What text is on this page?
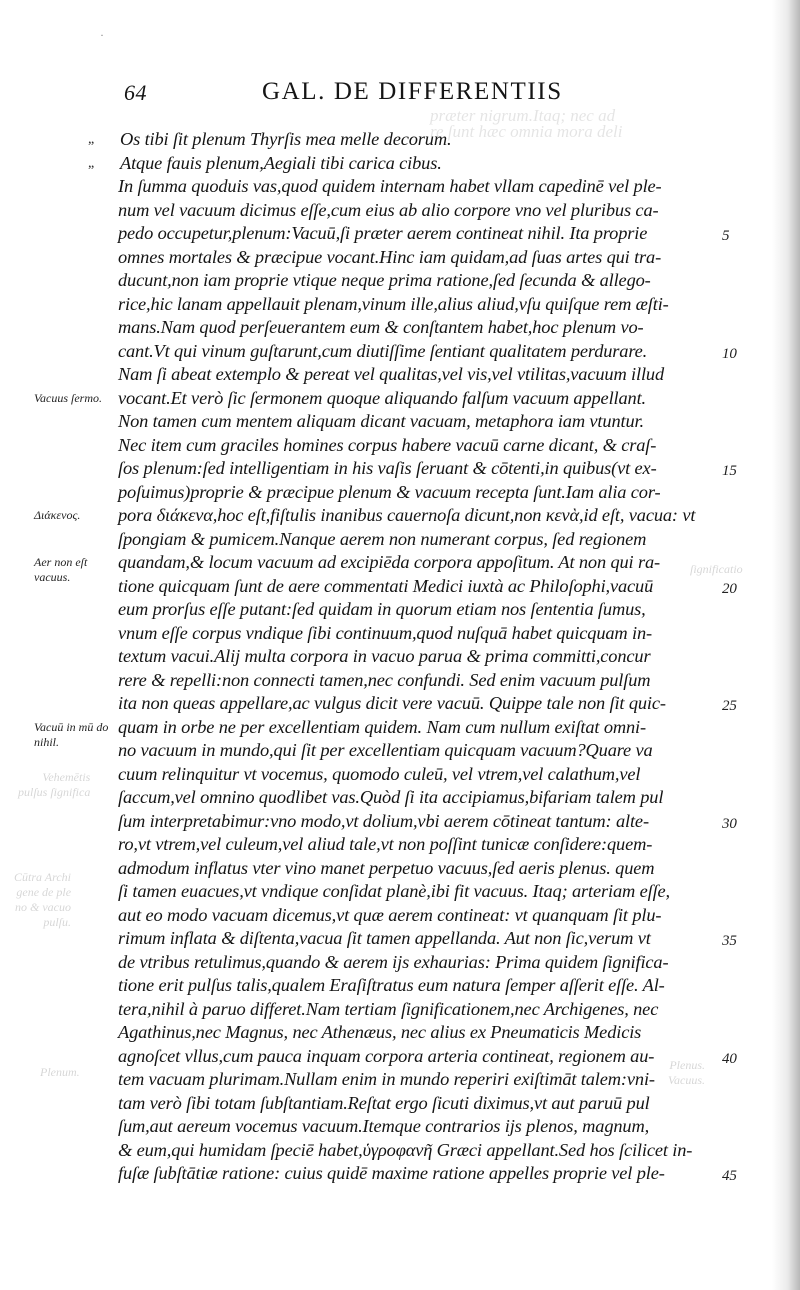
·
præter nigrum.Itaq; nec ad
re ſunt hæc omnia mora deli
Vehemētis
pulſus ſignifica
Cūtra Archi
gene de ple
no & vacuo
pulſu.
Plenum.	Plenus.
Vacuus.
ſignificatio
64	GAL. DE DIFFERENTIIS
Vacuus ſermo.
Διάκενος.
Aer non eſt vacuus.
Vacuū in mū do nihil.
„ Os tibi ſit plenum Thyrſis mea melle decorum.
„ Atque fauis plenum,Aegiali tibi carica cibus.
In ſumma quoduis vas,quod quidem internam habet vllam capedinē vel ple-
num vel vacuum dicimus eſſe,cum eius ab alio corpore vno vel pluribus ca-
pedo occupetur,plenum:Vacuū,ſi præter aerem contineat nihil. Ita proprie	5
omnes mortales & præcipue vocant.Hinc iam quidam,ad ſuas artes qui tra-
ducunt,non iam proprie vtique neque prima ratione,ſed ſecunda & allego-
rice,hic lanam appellauit plenam,vinum ille,alius aliud,vſu quiſque rem æſti-
mans.Nam quod perſeuerantem eum & conſtantem habet,hoc plenum vo-
cant.Vt qui vinum guſtarunt,cum diutiſſime ſentiant qualitatem perdurare.	10
Nam ſi abeat extemplo & pereat vel qualitas,vel vis,vel vtilitas,vacuum illud
vocant.Et verò ſic ſermonem quoque aliquando falſum vacuum appellant.
Non tamen cum mentem aliquam dicant vacuam, metaphora iam vtuntur.
Nec item cum graciles homines corpus habere vacuū carne dicant, & craſ-
ſos plenum:ſed intelligentiam in his vaſis ſeruant & cōtenti,in quibus(vt ex-	15
poſuimus)proprie & præcipue plenum & vacuum recepta ſunt.Iam alia cor-
pora διάκενα,hoc eſt,fiſtulis inanibus cauernoſa dicunt,non κενὰ,id eſt, vacua: vt
ſpongiam & pumicem.Nanque aerem non numerant corpus, ſed regionem
quandam,& locum vacuum ad excipiēda corpora appoſitum. At non qui ra-
tione quicquam ſunt de aere commentati Medici iuxtà ac Philoſophi,vacuū	20
eum prorſus eſſe putant:ſed quidam in quorum etiam nos ſententia ſumus,
vnum eſſe corpus vndique ſibi continuum,quod nuſquā habet quicquam in-
textum vacui.Alij multa corpora in vacuo parua & prima committi,concur
rere & repelli:non connecti tamen,nec confundi. Sed enim vacuum pulſum
ita non queas appellare,ac vulgus dicit vere vacuū. Quippe tale non ſit quic-	25
quam in orbe ne per excellentiam quidem. Nam cum nullum exiſtat omni-
no vacuum in mundo,qui ſit per excellentiam quicquam vacuum?Quare va
cuum relinquitur vt vocemus, quomodo culeū, vel vtrem,vel calathum,vel
ſaccum,vel omnino quodlibet vas.Quòd ſi ita accipiamus,bifariam talem pul
ſum interpretabimur:vno modo,vt dolium,vbi aerem cōtineat tantum: alte-	30
ro,vt vtrem,vel culeum,vel aliud tale,vt non poſſint tunicæ conſidere:quem-
admodum inflatus vter vino manet perpetuo vacuus,ſed aeris plenus. quem
ſi tamen euacues,vt vndique conſidat planè,ibi fit vacuus. Itaq; arteriam eſſe,
aut eo modo vacuam dicemus,vt quæ aerem contineat: vt quanquam ſit plu-
rimum inflata & diſtenta,vacua ſit tamen appellanda. Aut non ſic,verum vt	35
de vtribus retulimus,quando & aerem ijs exhaurias: Prima quidem ſignifica-
tione erit pulſus talis,qualem Eraſiſtratus eum natura ſemper aſſerit eſſe. Al-
tera,nihil à paruo differet.Nam tertiam ſignificationem,nec Archigenes, nec
Agathinus,nec Magnus, nec Athenæus, nec alius ex Pneumaticis Medicis
agnoſcet vllus,cum pauca inquam corpora arteria contineat, regionem au-	40
tem vacuam plurimam.Nullam enim in mundo reperiri exiſtimāt talem:vni-
tam verò ſibi totam ſubſtantiam.Reſtat ergo ſicuti diximus,vt aut paruū pul
ſum,aut aereum vocemus vacuum.Itemque contrarios ijs plenos, magnum,
& eum,qui humidam ſpeciē habet,ὑγροφανῆ Græci appellant.Sed hos ſcilicet in-
fuſæ ſubſtātiæ ratione: cuius quidē maxime ratione appelles proprie vel ple-	45
